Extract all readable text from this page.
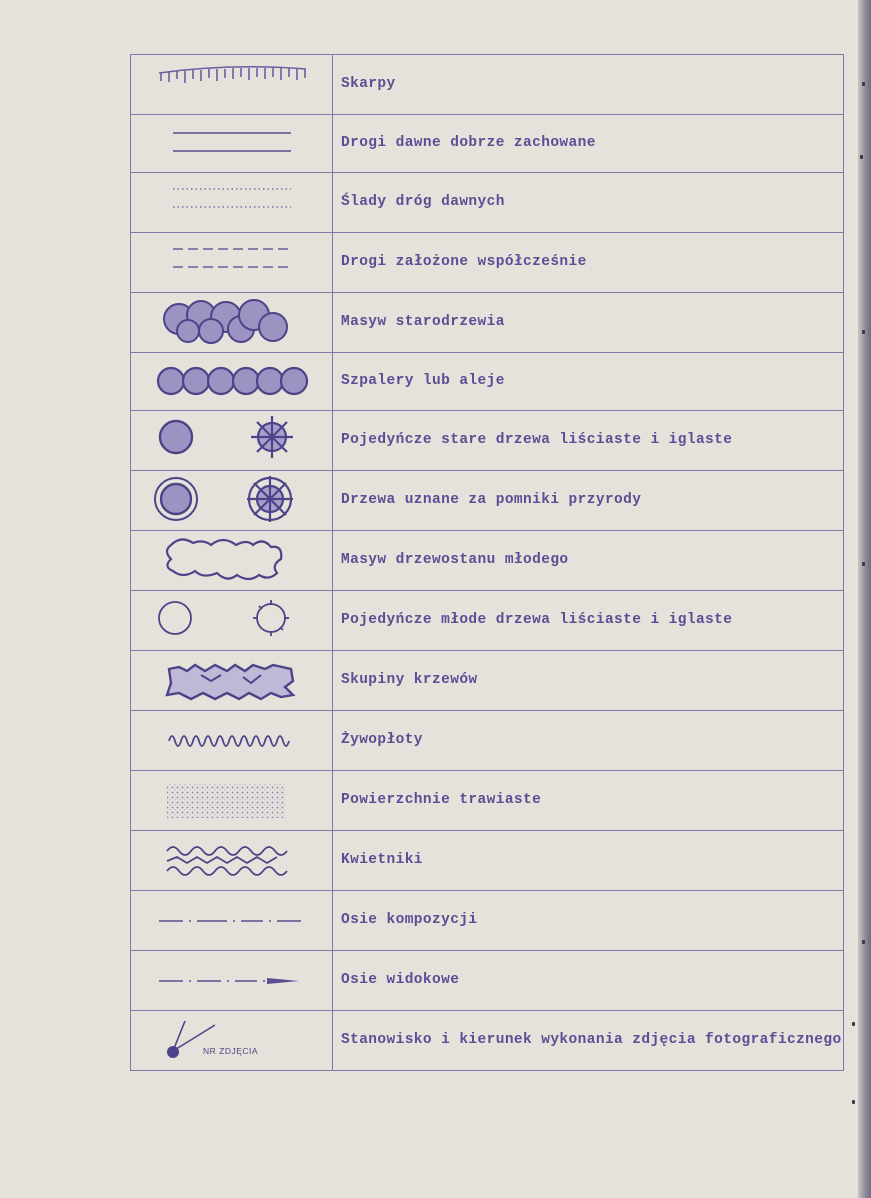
	Skarpy

	Drogi dawne dobrze zachowane

	Ślady dróg dawnych

	Drogi założone współcześnie

	Masyw starodrzewia

	Szpalery lub aleje

	Pojedyńcze stare drzewa liściaste i iglaste

	Drzewa uznane za pomniki przyrody

	Masyw drzewostanu młodego

	Pojedyńcze młode drzewa liściaste i iglaste

	Skupiny krzewów

	Żywopłoty

	Powierzchnie trawiaste

	Kwietniki

	Osie kompozycji

	Osie widokowe

NR ZDJĘCIA	Stanowisko i kierunek wykonania zdjęcia fotograficznego
